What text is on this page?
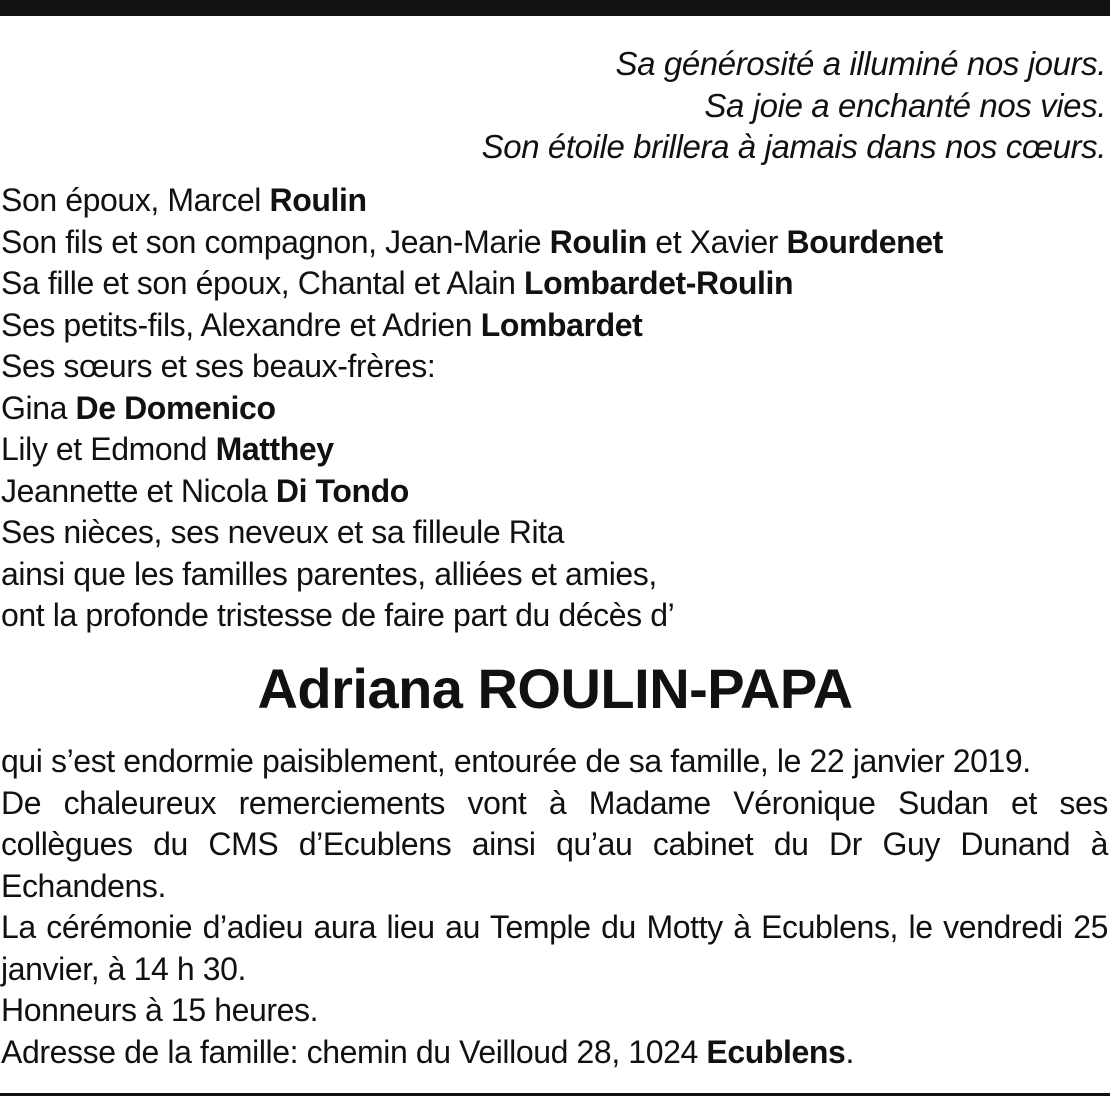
Sa générosité a illuminé nos jours.
Sa joie a enchanté nos vies.
Son étoile brillera à jamais dans nos cœurs.
Son époux, Marcel Roulin
Son fils et son compagnon, Jean-Marie Roulin et Xavier Bourdenet
Sa fille et son époux, Chantal et Alain Lombardet-Roulin
Ses petits-fils, Alexandre et Adrien Lombardet
Ses sœurs et ses beaux-frères:
Gina De Domenico
Lily et Edmond Matthey
Jeannette et Nicola Di Tondo
Ses nièces, ses neveux et sa filleule Rita
ainsi que les familles parentes, alliées et amies,
ont la profonde tristesse de faire part du décès d’
Adriana ROULIN-PAPA

qui s’est endormie paisiblement, entourée de sa famille, le 22 janvier 2019.

De chaleureux remerciements vont à Madame Véronique Sudan et ses collègues du CMS d’Ecublens ainsi qu’au cabinet du Dr Guy Dunand à Echandens.

La cérémonie d’adieu aura lieu au Temple du Motty à Ecublens, le vendredi 25 janvier, à 14 h 30.

Honneurs à 15 heures.

Adresse de la famille: chemin du Veilloud 28, 1024 Ecublens.
